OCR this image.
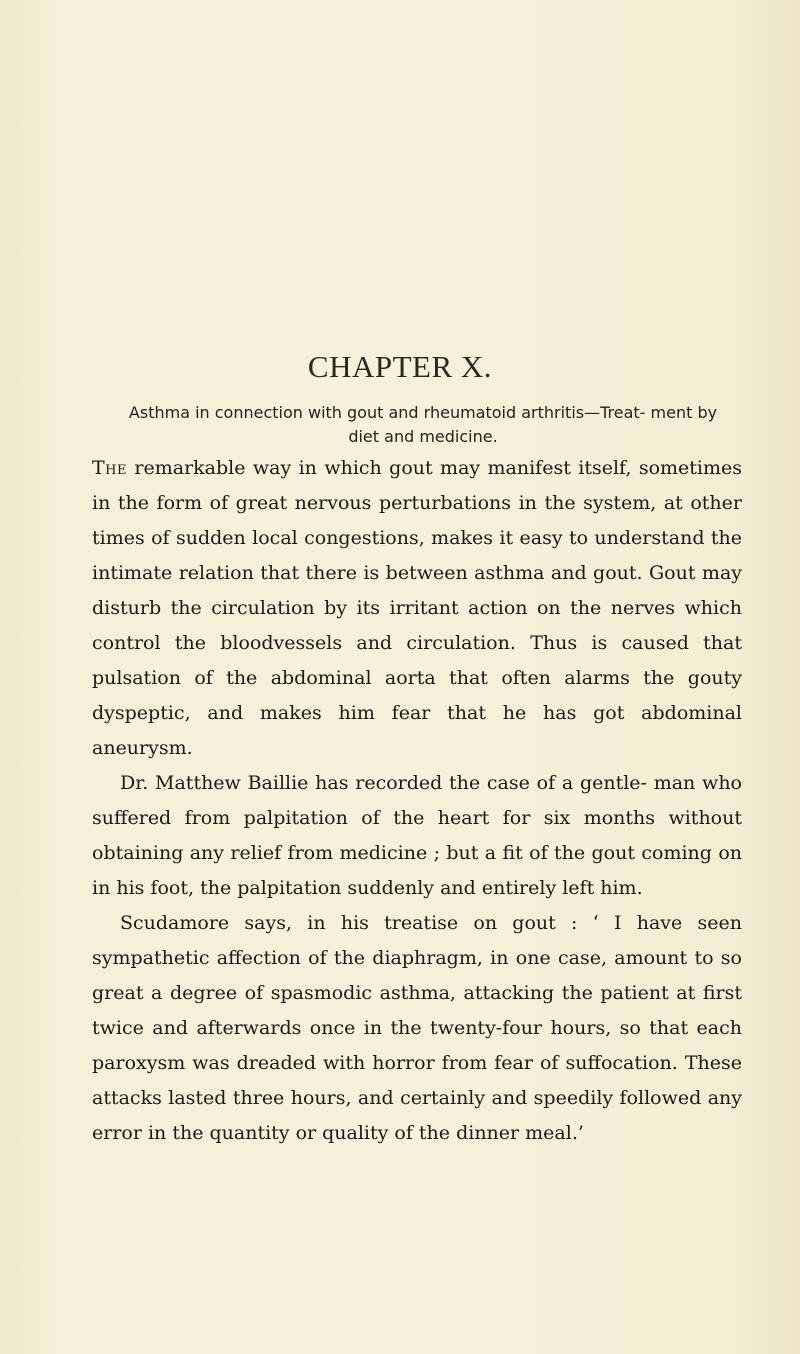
CHAPTER X.
Asthma in connection with gout and rheumatoid arthritis—Treat- ment by diet and medicine.

The remarkable way in which gout may manifest itself, sometimes in the form of great nervous perturbations in the system, at other times of sudden local congestions, makes it easy to understand the intimate relation that there is between asthma and gout. Gout may disturb the circulation by its irritant action on the nerves which control the bloodvessels and circulation. Thus is caused that pulsation of the abdominal aorta that often alarms the gouty dyspeptic, and makes him fear that he has got abdominal aneurysm.

Dr. Matthew Baillie has recorded the case of a gentle- man who suffered from palpitation of the heart for six months without obtaining any relief from medicine ; but a fit of the gout coming on in his foot, the palpitation suddenly and entirely left him.

Scudamore says, in his treatise on gout : ‘ I have seen sympathetic affection of the diaphragm, in one case, amount to so great a degree of spasmodic asthma, attacking the patient at first twice and afterwards once in the twenty-four hours, so that each paroxysm was dreaded with horror from fear of suffocation. These attacks lasted three hours, and certainly and speedily followed any error in the quantity or quality of the dinner meal.’
